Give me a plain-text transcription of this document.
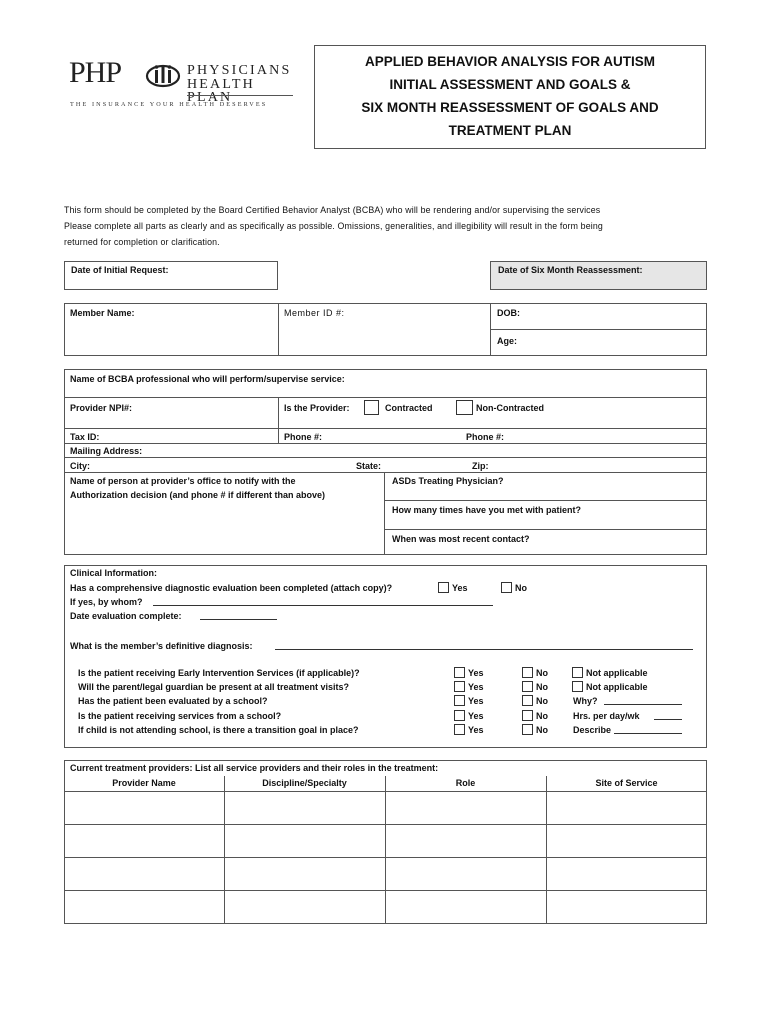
PHP	PHYSICIANS
HEALTH PLAN
THE INSURANCE YOUR HEALTH DESERVES
APPLIED BEHAVIOR ANALYSIS FOR AUTISM
INITIAL ASSESSMENT AND GOALS &
SIX MONTH REASSESSMENT OF GOALS AND
TREATMENT PLAN
This form should be completed by the Board Certified Behavior Analyst (BCBA) who will be rendering and/or supervising the services
Please complete all parts as clearly and as specifically as possible. Omissions, generalities, and illegibility will result in the form being
returned for completion or clarification.
Date of Initial Request:	Date of Six Month Reassessment:
Member Name:	Member ID #:	DOB:
Age:
Name of BCBA professional who will perform/supervise service:
Provider NPI#:	Is the Provider:	Contracted	Non-Contracted
Tax ID:	Phone #:	Phone #:
Mailing Address:
City:	State:	Zip:
Name of person at provider’s office to notify with the
Authorization decision (and phone # if different than above)
ASDs Treating Physician?
How many times have you met with patient?
When was most recent contact?
Clinical Information:
Has a comprehensive diagnostic evaluation been completed (attach copy)?	Yes	No
If yes, by whom?
Date evaluation complete:
What is the member’s definitive diagnosis:
Is the patient receiving Early Intervention Services (if applicable)?	Yes	No	Not applicable
Will the parent/legal guardian be present at all treatment visits?	Yes	No	Not applicable
Has the patient been evaluated by a school?	Yes	No	Why?
Is the patient receiving services from a school?	Yes	No	Hrs. per day/wk
If child is not attending school, is there a transition goal in place?	Yes	No	Describe
Current treatment providers: List all service providers and their roles in the treatment:
Provider Name	Discipline/Specialty	Role	Site of Service
